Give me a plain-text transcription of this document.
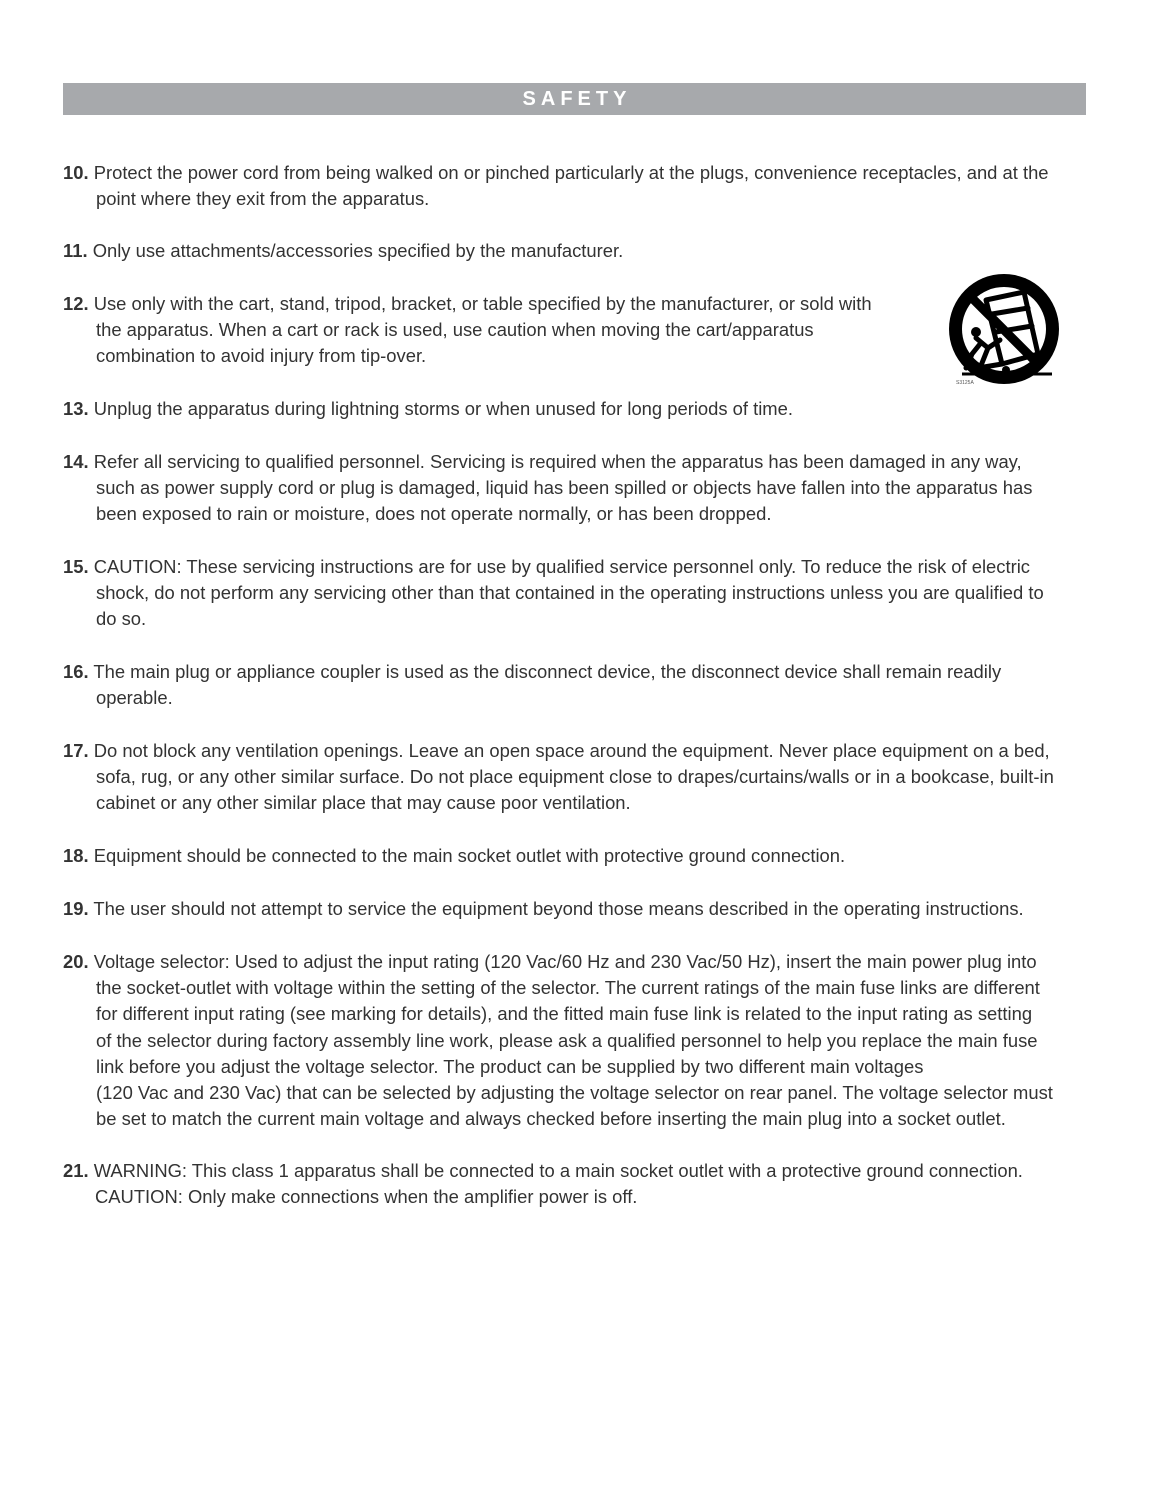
SAFETY
10. Protect the power cord from being walked on or pinched particularly at the plugs, convenience receptacles, and at the
point where they exit from the apparatus.
11. Only use attachments/accessories specified by the manufacturer.
12. Use only with the cart, stand, tripod, bracket, or table specified by the manufacturer, or sold with
the apparatus. When a cart or rack is used, use caution when moving the cart/apparatus
combination to avoid injury from tip-over.
S3125A
13. Unplug the apparatus during lightning storms or when unused for long periods of time.
14. Refer all servicing to qualified personnel. Servicing is required when the apparatus has been damaged in any way,
such as power supply cord or plug is damaged, liquid has been spilled or objects have fallen into the apparatus has
been exposed to rain or moisture, does not operate normally, or has been dropped.
15. CAUTION: These servicing instructions are for use by qualified service personnel only. To reduce the risk of electric
shock, do not perform any servicing other than that contained in the operating instructions unless you are qualified to
do so.
16. The main plug or appliance coupler is used as the disconnect device, the disconnect device shall remain readily
operable.
17. Do not block any ventilation openings. Leave an open space around the equipment. Never place equipment on a bed,
sofa, rug, or any other similar surface. Do not place equipment close to drapes/curtains/walls or in a bookcase, built-in
cabinet or any other similar place that may cause poor ventilation.
18. Equipment should be connected to the main socket outlet with protective ground connection.
19. The user should not attempt to service the equipment beyond those means described in the operating instructions.
20. Voltage selector: Used to adjust the input rating (120 Vac/60 Hz and 230 Vac/50 Hz), insert the main power plug into
the socket-outlet with voltage within the setting of the selector. The current ratings of the main fuse links are different
for different input rating (see marking for details), and the fitted main fuse link is related to the input rating as setting
of the selector during factory assembly line work, please ask a qualified personnel to help you replace the main fuse
link before you adjust the voltage selector. The product can be supplied by two different main voltages
(120 Vac and 230 Vac) that can be selected by adjusting the voltage selector on rear panel. The voltage selector must
be set to match the current main voltage and always checked before inserting the main plug into a socket outlet.
21. WARNING: This class 1 apparatus shall be connected to a main socket outlet with a protective ground connection.
CAUTION: Only make connections when the amplifier power is off.
